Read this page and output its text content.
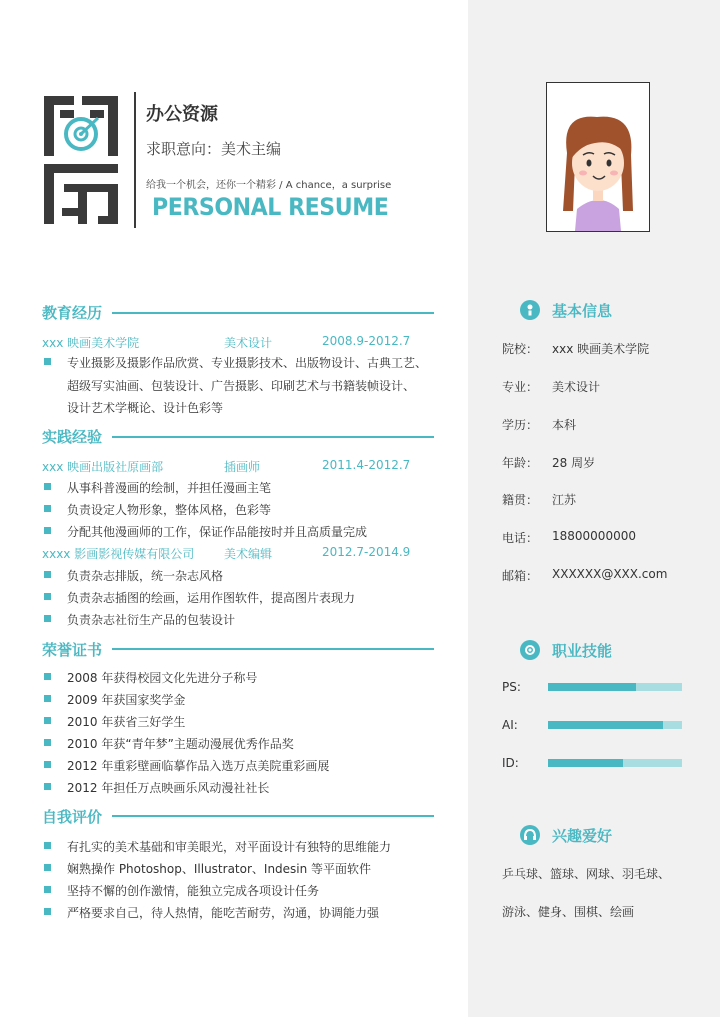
办公资源
求职意向：美术主编
给我一个机会，还你一个精彩 / A chance，a surprise
PERSONAL RESUME
教育经历
xxx 映画美术学院	美术设计	2008.9-2012.7
专业摄影及摄影作品欣赏、专业摄影技术、出版物设计、古典工艺、
超级写实油画、包装设计、广告摄影、印刷艺术与书籍装帧设计、
设计艺术学概论、设计色彩等
实践经验
xxx 映画出版社原画部	插画师	2011.4-2012.7
从事科普漫画的绘制，并担任漫画主笔
负责设定人物形象，整体风格，色彩等
分配其他漫画师的工作，保证作品能按时并且高质量完成
xxxx 影画影视传媒有限公司 美术编辑	2012.7-2014.9
负责杂志排版，统一杂志风格
负责杂志插图的绘画，运用作图软件，提高图片表现力
负责杂志社衍生产品的包装设计
荣誉证书
2008 年获得校园文化先进分子称号
2009 年获国家奖学金
2010 年获省三好学生
2010 年获“青年梦”主题动漫展优秀作品奖
2012 年重彩壁画临摹作品入选万点美院重彩画展
2012 年担任万点映画乐风动漫社社长
自我评价
有扎实的美术基础和审美眼光，对平面设计有独特的思维能力
娴熟操作 Photoshop、Illustrator、Indesin 等平面软件
坚持不懈的创作激情，能独立完成各项设计任务
严格要求自己，待人热情，能吃苦耐劳，沟通，协调能力强
基本信息
院校： xxx 映画美术学院
专业： 美术设计
学历： 本科
年龄： 28 周岁
籍贯： 江苏
电话： 18800000000
邮箱： XXXXXX@XXX.com
职业技能
PS:
AI:
ID:
兴趣爱好
乒乓球、篮球、网球、羽毛球、
游泳、健身、围棋、绘画
